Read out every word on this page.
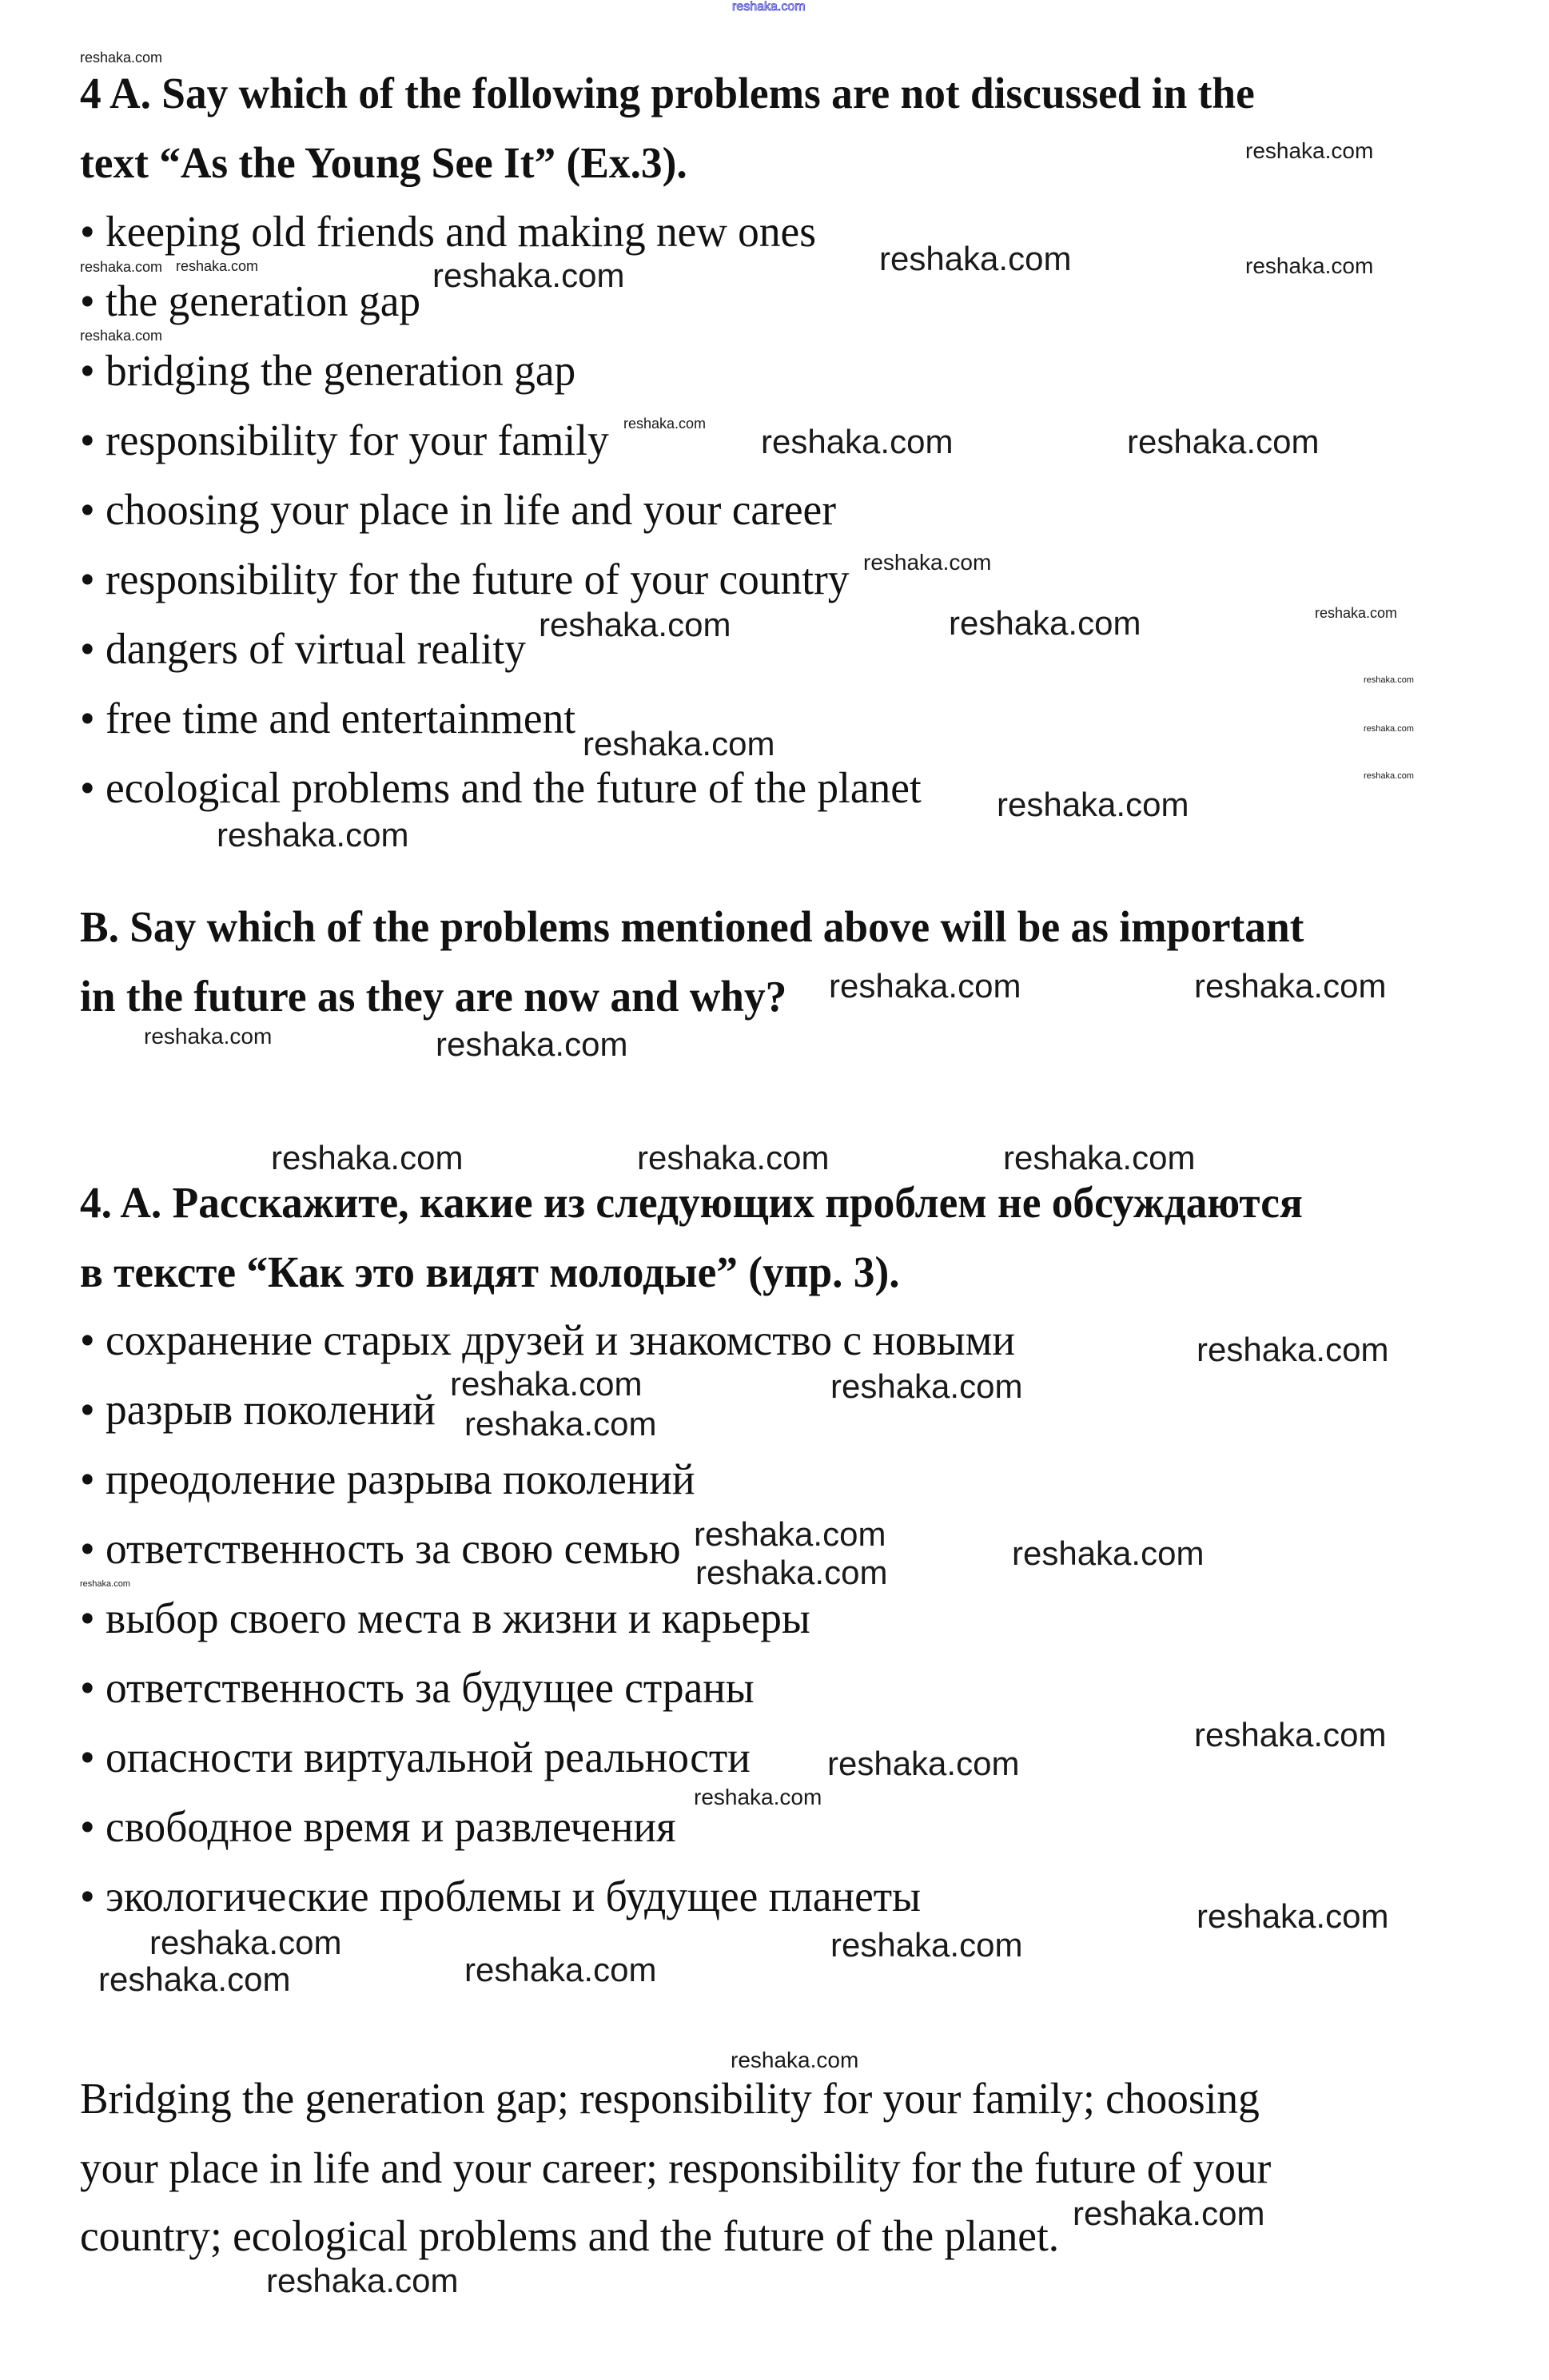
4 A. Say which of the following problems are not discussed in the
text “As the Young See It” (Ex.3).
• keeping old friends and making new ones
• the generation gap
• bridging the generation gap
• responsibility for your family
• choosing your place in life and your career
• responsibility for the future of your country
• dangers of virtual reality
• free time and entertainment
• ecological problems and the future of the planet
B. Say which of the problems mentioned above will be as important
in the future as they are now and why?
4. A. Расскажите, какие из следующих проблем не обсуждаются
в тексте “Как это видят молодые” (упр. 3).
• сохранение старых друзей и знакомство с новыми
• разрыв поколений
• преодоление разрыва поколений
• ответственность за свою семью
• выбор своего места в жизни и карьеры
• ответственность за будущее страны
• опасности виртуальной реальности
• свободное время и развлечения
• экологические проблемы и будущее планеты
Bridging the generation gap; responsibility for your family; choosing
your place in life and your career; responsibility for the future of your
country; ecological problems and the future of the planet.
reshaka.com
reshaka.com	reshaka.com
reshaka.com	reshaka.com
reshaka.com	reshaka.com
reshaka.com
reshaka.com
reshaka.com
reshaka.com
reshaka.com	reshaka.com
reshaka.com	reshaka.com	reshaka.com
reshaka.com
reshaka.com
reshaka.com
reshaka.com
reshaka.com
reshaka.com
reshaka.com
reshaka.com
reshaka.com
reshaka.com
reshaka.com
reshaka.com
reshaka.com	reshaka.com
reshaka.com
reshaka.com
reshaka.com
reshaka.com
reshaka.com
reshaka.com
reshaka.com
reshaka.com
reshaka.com
reshaka.com reshaka.com
reshaka.com
reshaka.com
reshaka.com
reshaka.com
reshaka.com
reshaka.com
reshaka.com
